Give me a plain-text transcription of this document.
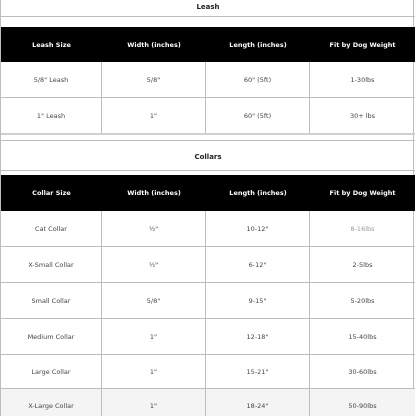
Leash
Leash Size	Width (inches)	Length (inches)	Fit by Dog Weight
5/8" Leash	5/8"	60" (5ft)	1-30lbs
1" Leash	1"	60" (5ft)	30+ lbs
Collars
Collar Size	Width (inches)	Length (inches)	Fit by Dog Weight
Cat Collar	½"	10-12"	8-16lbs
X-Small Collar	½"	6-12"	2-5lbs
Small Collar	5/8"	9-15"	5-20lbs
Medium Collar	1"	12-18"	15-40lbs
Large Collar	1"	15-21"	30-60lbs
X-Large Collar	1"	18-24"	50-90lbs
